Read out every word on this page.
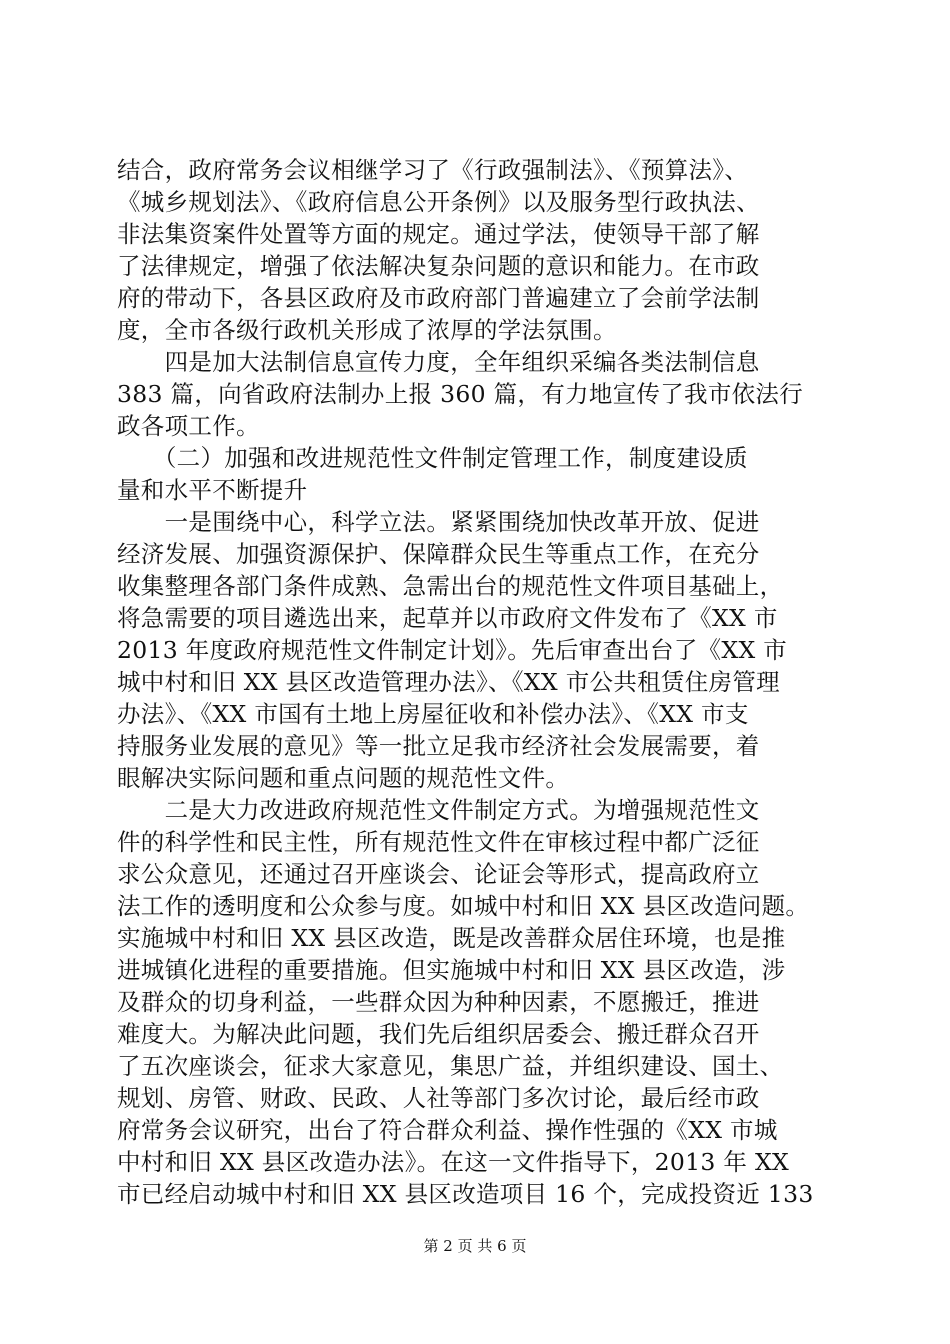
结合，政府常务会议相继学习了《行政强制法》、《预算法》、
《城乡规划法》、《政府信息公开条例》以及服务型行政执法、
非法集资案件处置等方面的规定。通过学法，使领导干部了解
了法律规定，增强了依法解决复杂问题的意识和能力。在市政
府的带动下，各县区政府及市政府部门普遍建立了会前学法制
度，全市各级行政机关形成了浓厚的学法氛围。
　　四是加大法制信息宣传力度，全年组织采编各类法制信息
383 篇，向省政府法制办上报 360 篇，有力地宣传了我市依法行
政各项工作。
　　（二）加强和改进规范性文件制定管理工作，制度建设质
量和水平不断提升
　　一是围绕中心，科学立法。紧紧围绕加快改革开放、促进
经济发展、加强资源保护、保障群众民生等重点工作，在充分
收集整理各部门条件成熟、急需出台的规范性文件项目基础上，
将急需要的项目遴选出来，起草并以市政府文件发布了《XX 市
2013 年度政府规范性文件制定计划》。先后审查出台了《XX 市
城中村和旧 XX 县区改造管理办法》、《XX 市公共租赁住房管理
办法》、《XX 市国有土地上房屋征收和补偿办法》、《XX 市支
持服务业发展的意见》等一批立足我市经济社会发展需要，着
眼解决实际问题和重点问题的规范性文件。
　　二是大力改进政府规范性文件制定方式。为增强规范性文
件的科学性和民主性，所有规范性文件在审核过程中都广泛征
求公众意见，还通过召开座谈会、论证会等形式，提高政府立
法工作的透明度和公众参与度。如城中村和旧 XX 县区改造问题。
实施城中村和旧 XX 县区改造，既是改善群众居住环境，也是推
进城镇化进程的重要措施。但实施城中村和旧 XX 县区改造，涉
及群众的切身利益，一些群众因为种种因素，不愿搬迁，推进
难度大。为解决此问题，我们先后组织居委会、搬迁群众召开
了五次座谈会，征求大家意见，集思广益，并组织建设、国土、
规划、房管、财政、民政、人社等部门多次讨论，最后经市政
府常务会议研究，出台了符合群众利益、操作性强的《XX 市城
中村和旧 XX 县区改造办法》。在这一文件指导下，2013 年 XX
市已经启动城中村和旧 XX 县区改造项目 16 个，完成投资近 133
第 2 页 共 6 页
